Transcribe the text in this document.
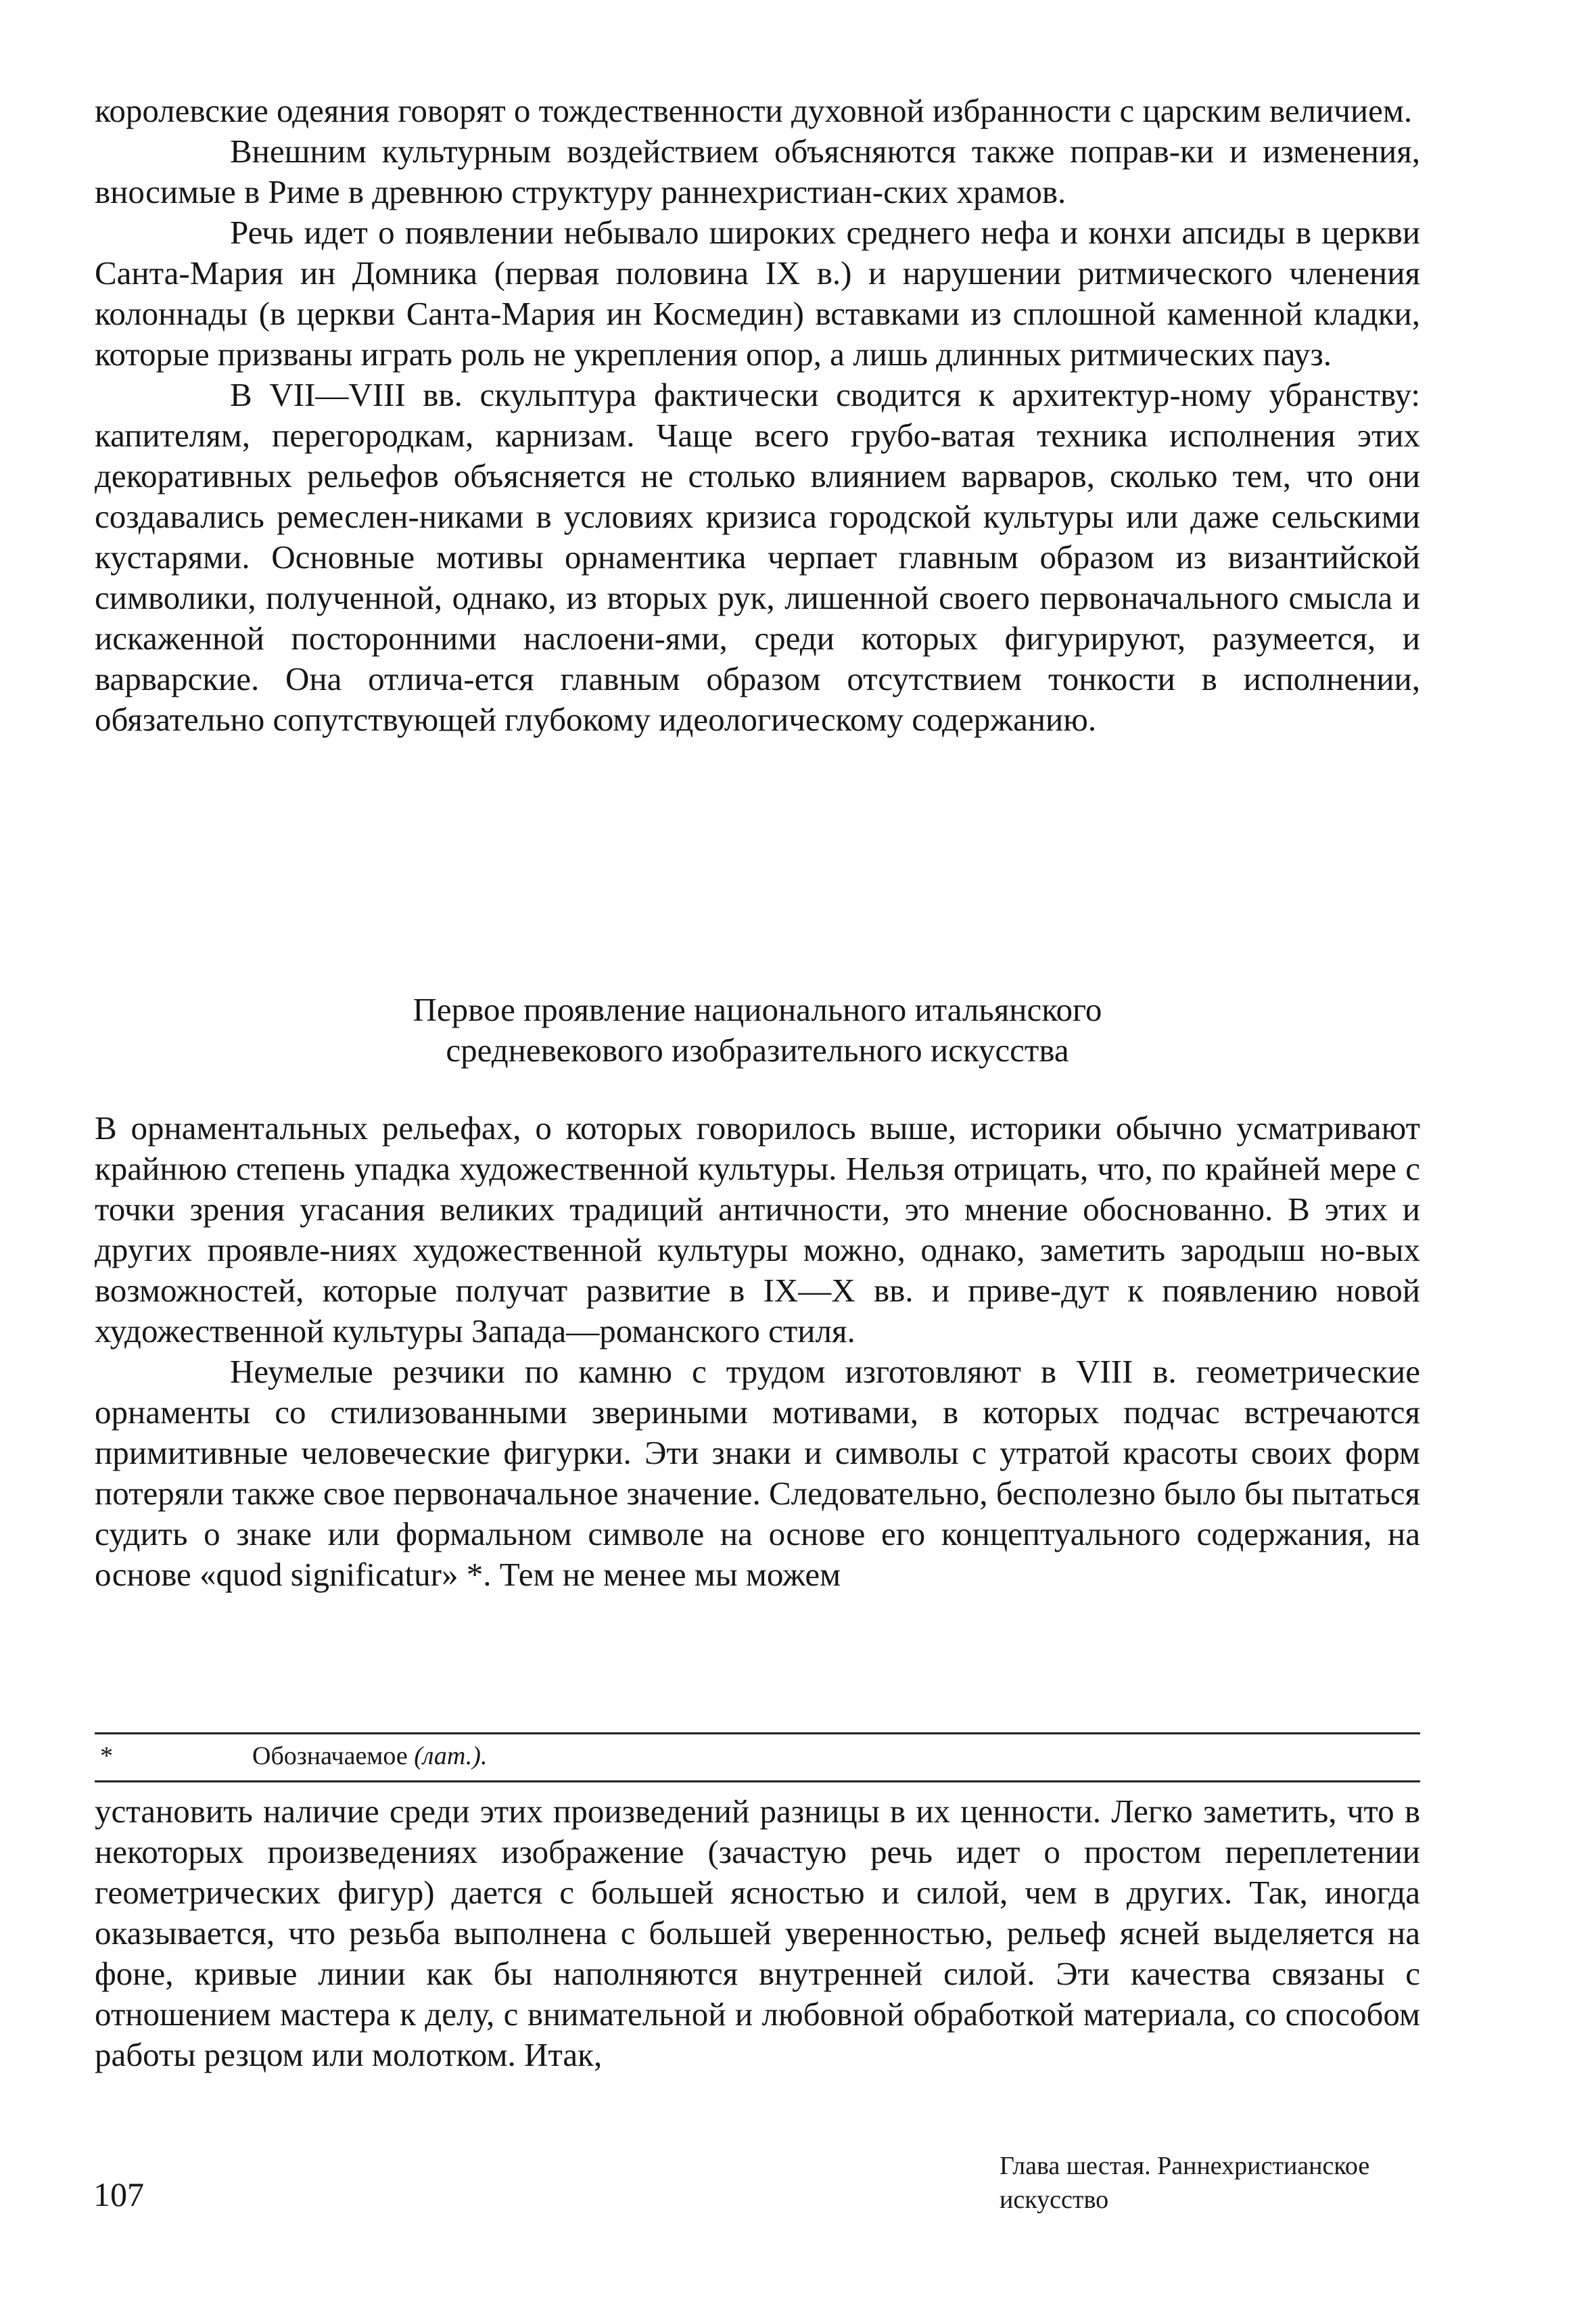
королевские одеяния говорят о тождественности духовной избранности с царским величием.

Внешним культурным воздействием объясняются также поправ-ки и изменения, вносимые в Риме в древнюю структуру раннехристиан-ских храмов.

Речь идет о появлении небывало широких среднего нефа и конхи апсиды в церкви Санта-Мария ин Домника (первая половина IX в.) и нарушении ритмического членения колоннады (в церкви Санта-Мария ин Космедин) вставками из сплошной каменной кладки, которые призваны играть роль не укрепления опор, а лишь длинных ритмических пауз.

В VII—VIII вв. скульптура фактически сводится к архитектур-ному убранству: капителям, перегородкам, карнизам. Чаще всего грубо-ватая техника исполнения этих декоративных рельефов объясняется не столько влиянием варваров, сколько тем, что они создавались ремеслен-никами в условиях кризиса городской культуры или даже сельскими кустарями. Основные мотивы орнаментика черпает главным образом из византийской символики, полученной, однако, из вторых рук, лишенной своего первоначального смысла и искаженной посторонними наслоени-ями, среди которых фигурируют, разумеется, и варварские. Она отлича-ется главным образом отсутствием тонкости в исполнении, обязательно сопутствующей глубокому идеологическому содержанию.

Первое проявление национального итальянского
средневекового изобразительного искусства

В орнаментальных рельефах, о которых говорилось выше, историки обычно усматривают крайнюю степень упадка художественной культуры. Нельзя отрицать, что, по крайней мере с точки зрения угасания великих традиций античности, это мнение обоснованно. В этих и других проявле-ниях художественной культуры можно, однако, заметить зародыш но-вых возможностей, которые получат развитие в IX—X вв. и приве-дут к появлению новой художественной культуры Запада—романского стиля.

Неумелые резчики по камню с трудом изготовляют в VIII в. геометрические орнаменты со стилизованными звериными мотивами, в которых подчас встречаются примитивные человеческие фигурки. Эти знаки и символы с утратой красоты своих форм потеряли также свое первоначальное значение. Следовательно, бесполезно было бы пытаться судить о знаке или формальном символе на основе его концептуального содержания, на основе «quod significatur» *. Тем не менее мы можем

*	Обозначаемое (лат.).

установить наличие среди этих произведений разницы в их ценности. Легко заметить, что в некоторых произведениях изображение (зачастую речь идет о простом переплетении геометрических фигур) дается с большей ясностью и силой, чем в других. Так, иногда оказывается, что резьба выполнена с большей уверенностью, рельеф ясней выделяется на фоне, кривые линии как бы наполняются внутренней силой. Эти качества связаны с отношением мастера к делу, с внимательной и любовной обработкой материала, со способом работы резцом или молотком. Итак,

107
Глава шестая. Раннехристианское
искусство
